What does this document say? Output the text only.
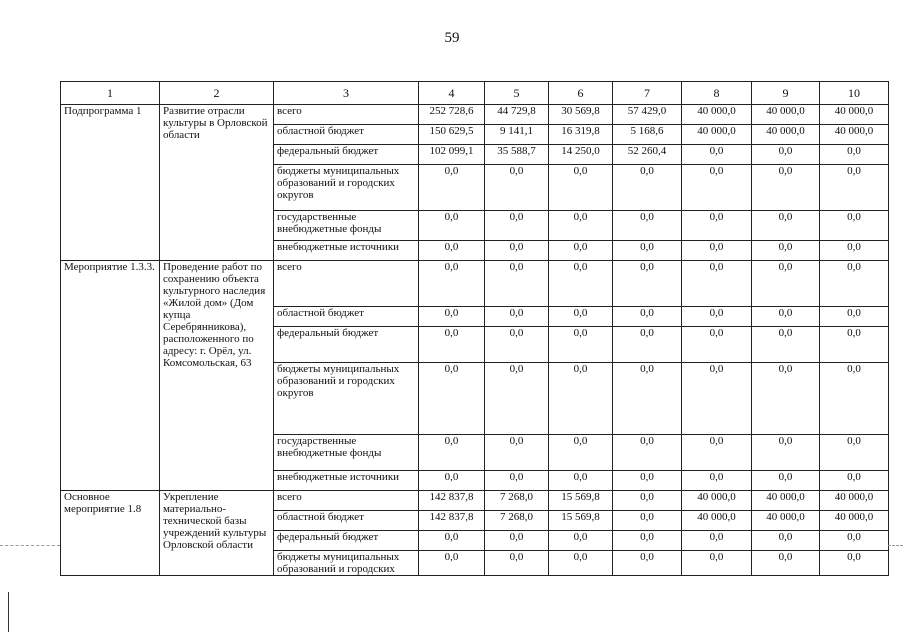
59
1	2	3	4	5	6	7	8	9	10
Подпрограмма 1	Развитие отрасли культуры в Орловской области	всего	252 728,6	44 729,8	30 569,8	57 429,0	40 000,0	40 000,0	40 000,0
		областной бюджет	150 629,5	9 141,1	16 319,8	5 168,6	40 000,0	40 000,0	40 000,0
		федеральный бюджет	102 099,1	35 588,7	14 250,0	52 260,4	0,0	0,0	0,0
		бюджеты муниципальных образований и городских округов	0,0	0,0	0,0	0,0	0,0	0,0	0,0
		государственные внебюджетные фонды	0,0	0,0	0,0	0,0	0,0	0,0	0,0
		внебюджетные источники	0,0	0,0	0,0	0,0	0,0	0,0	0,0
Мероприятие 1.3.3.	Проведение работ по сохранению объекта культурного наследия «Жилой дом» (Дом купца Серебрянникова), расположенного по адресу: г. Орёл, ул. Комсомольская, 63	всего	0,0	0,0	0,0	0,0	0,0	0,0	0,0
		областной бюджет	0,0	0,0	0,0	0,0	0,0	0,0	0,0
		федеральный бюджет	0,0	0,0	0,0	0,0	0,0	0,0	0,0
		бюджеты муниципальных образований и городских округов	0,0	0,0	0,0	0,0	0,0	0,0	0,0
		государственные внебюджетные фонды	0,0	0,0	0,0	0,0	0,0	0,0	0,0
		внебюджетные источники	0,0	0,0	0,0	0,0	0,0	0,0	0,0
Основное мероприятие 1.8	Укрепление материально-технической базы учреждений культуры Орловской области	всего	142 837,8	7 268,0	15 569,8	0,0	40 000,0	40 000,0	40 000,0
		областной бюджет	142 837,8	7 268,0	15 569,8	0,0	40 000,0	40 000,0	40 000,0
		федеральный бюджет	0,0	0,0	0,0	0,0	0,0	0,0	0,0
		бюджеты муниципальных образований и городских	0,0	0,0	0,0	0,0	0,0	0,0	0,0
